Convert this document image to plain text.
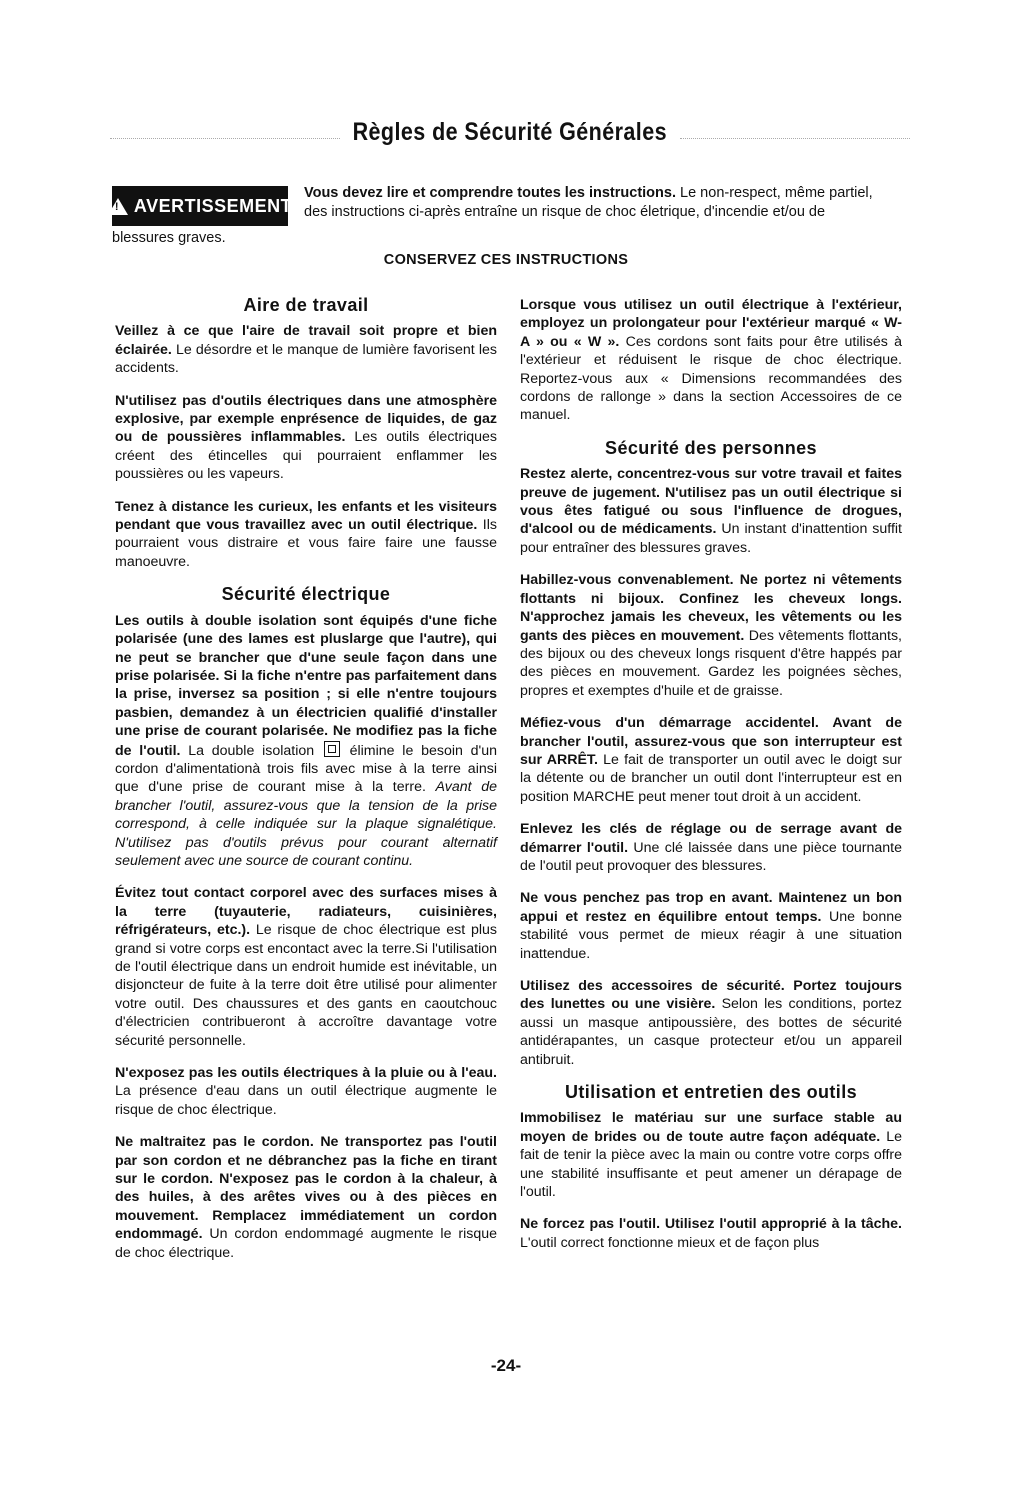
Règles de Sécurité Générales
! AVERTISSEMENT
Vous devez lire et comprendre toutes les instructions. Le non-respect, même partiel, des instructions ci-après entraîne un risque de choc életrique, d'incendie et/ou de
blessures graves.
CONSERVEZ CES INSTRUCTIONS
Aire de travail

Veillez à ce que l'aire de travail soit propre et bien éclairée. Le désordre et le manque de lumière favorisent les accidents.

N'utilisez pas d'outils électriques dans une atmosphère explosive, par exemple enprésence de liquides, de gaz ou de poussières inflammables. Les outils électriques créent des étincelles qui pourraient enflammer les poussières ou les vapeurs.

Tenez à distance les curieux, les enfants et les visiteurs pendant que vous travaillez avec un outil électrique. Ils pourraient vous distraire et vous faire faire une fausse manoeuvre.

Sécurité électrique

Les outils à double isolation sont équipés d'une fiche polarisée (une des lames est pluslarge que l'autre), qui ne peut se brancher que d'une seule façon dans une prise polarisée. Si la fiche n'entre pas parfaitement dans la prise, inversez sa position ; si elle n'entre toujours pasbien, demandez à un électricien qualifié d'installer une prise de courant polarisée. Ne modifiez pas la fiche de l'outil. La double isolation  élimine le besoin d'un cordon d'alimentationà trois fils avec mise à la terre ainsi que d'une prise de courant mise à la terre. Avant de brancher l'outil, assurez-vous que la tension de la prise correspond, à celle indiquée sur la plaque signalétique. N'utilisez pas d'outils prévus pour courant alternatif seulement avec une source de courant continu.

Évitez tout contact corporel avec des surfaces mises à la terre (tuyauterie, radiateurs, cuisinières, réfrigérateurs, etc.). Le risque de choc électrique est plus grand si votre corps est encontact avec la terre.Si l'utilisation de l'outil électrique dans un endroit humide est inévitable, un disjoncteur de fuite à la terre doit être utilisé pour alimenter votre outil. Des chaussures et des gants en caoutchouc d'électricien contribueront à accroître davantage votre sécurité personnelle.

N'exposez pas les outils électriques à la pluie ou à l'eau. La présence d'eau dans un outil électrique augmente le risque de choc électrique.

Ne maltraitez pas le cordon. Ne transportez pas l'outil par son cordon et ne débranchez pas la fiche en tirant sur le cordon. N'exposez pas le cordon à la chaleur, à des huiles, à des arêtes vives ou à des pièces en mouvement. Remplacez immédiatement un cordon endommagé. Un cordon endommagé augmente le risque de choc électrique.

Lorsque vous utilisez un outil électrique à l'extérieur, employez un prolongateur pour l'extérieur marqué « W-A » ou « W ». Ces cordons sont faits pour être utilisés à l'extérieur et réduisent le risque de choc électrique. Reportez-vous aux « Dimensions recommandées des cordons de rallonge » dans la section Accessoires de ce manuel.

Sécurité des personnes

Restez alerte, concentrez-vous sur votre travail et faites preuve de jugement. N'utilisez pas un outil électrique si vous êtes fatigué ou sous l'influence de drogues, d'alcool ou de médicaments. Un instant d'inattention suffit pour entraîner des blessures graves.

Habillez-vous convenablement. Ne portez ni vêtements flottants ni bijoux. Confinez les cheveux longs. N'approchez jamais les cheveux, les vêtements ou les gants des pièces en mouvement. Des vêtements flottants, des bijoux ou des cheveux longs risquent d'être happés par des pièces en mouvement. Gardez les poignées sèches, propres et exemptes d'huile et de graisse.

Méfiez-vous d'un démarrage accidentel. Avant de brancher l'outil, assurez-vous que son interrupteur est sur ARRÊT. Le fait de transporter un outil avec le doigt sur la détente ou de brancher un outil dont l'interrupteur est en position MARCHE peut mener tout droit à un accident.

Enlevez les clés de réglage ou de serrage avant de démarrer l'outil. Une clé laissée dans une pièce tournante de l'outil peut provoquer des blessures.

Ne vous penchez pas trop en avant. Maintenez un bon appui et restez en équilibre entout temps. Une bonne stabilité vous permet de mieux réagir à une situation inattendue.

Utilisez des accessoires de sécurité. Portez toujours des lunettes ou une visière. Selon les conditions, portez aussi un masque antipoussière, des bottes de sécurité antidérapantes, un casque protecteur et/ou un appareil antibruit.

Utilisation et entretien des outils

Immobilisez le matériau sur une surface stable au moyen de brides ou de toute autre façon adéquate. Le fait de tenir la pièce avec la main ou contre votre corps offre une stabilité insuffisante et peut amener un dérapage de l'outil.

Ne forcez pas l'outil. Utilisez l'outil approprié à la tâche. L'outil correct fonctionne mieux et de façon plus

-24-
